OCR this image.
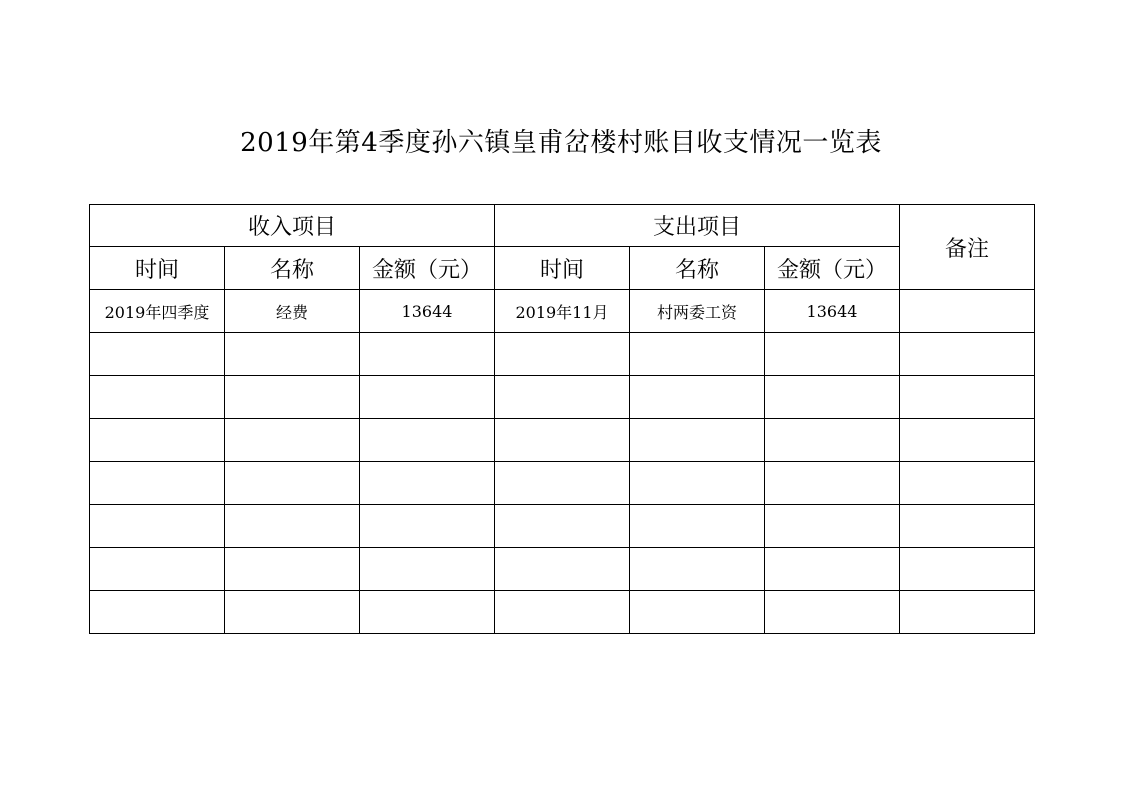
2019年第4季度孙六镇皇甫岔楼村账目收支情况一览表
收入项目			支出项目			备注
时间	名称	金额（元）	时间	名称	金额（元）	
2019年四季度	经费	13644	2019年11月	村两委工资	13644	
